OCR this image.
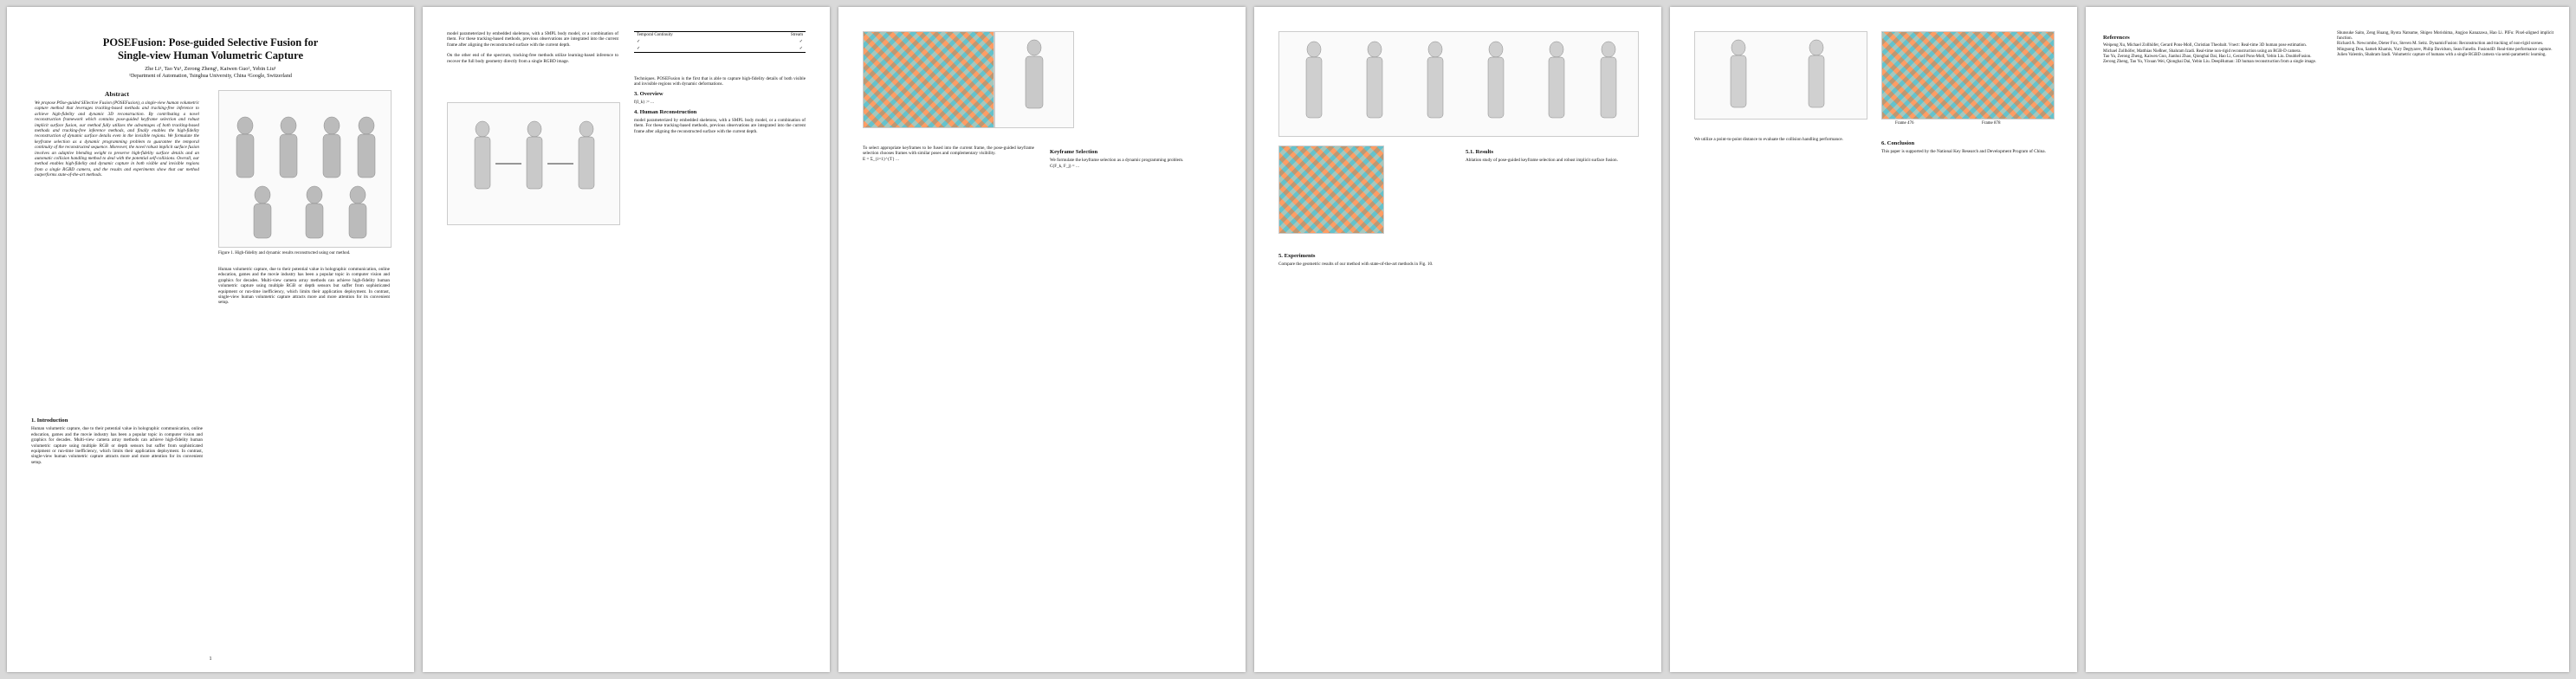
POSEFusion: Pose-guided Selective Fusion for
Single-view Human Volumetric Capture
Zhe Li¹, Tao Yu¹, Zerong Zheng¹, Kaiwen Guo², Yebin Liu¹
¹Department of Automation, Tsinghua University, China ²Google, Switzerland
Abstract
We propose POse-guided SElective Fusion (POSEFusion), a single-view human volumetric capture method that leverages tracking-based methods and tracking-free inference to achieve high-fidelity and dynamic 3D reconstruction. By contributing a novel reconstruction framework which contains pose-guided keyframe selection and robust implicit surface fusion, our method fully utilizes the advantages of both tracking-based methods and tracking-free inference methods, and finally enables the high-fidelity reconstruction of dynamic surface details even in the invisible regions. We formulate the keyframe selection as a dynamic programming problem to guarantee the temporal continuity of the reconstructed sequence. Moreover, the novel robust implicit surface fusion involves an adaptive blending weight to preserve high-fidelity surface details and an automatic collision handling method to deal with the potential self-collisions. Overall, our method enables high-fidelity and dynamic capture in both visible and invisible regions from a single RGBD camera, and the results and experiments show that our method outperforms state-of-the-art methods.
1. Introduction
Human volumetric capture, due to their potential value in holographic communication, online education, games and the movie industry has been a popular topic in computer vision and graphics for decades. Multi-view camera array methods can achieve high-fidelity human volumetric capture using multiple RGB or depth sensors but suffer from sophisticated equipment or run-time inefficiency, which limits their application deployment. In contrast, single-view human volumetric capture attracts more and more attention for its convenient setup.
Figure 1. High-fidelity and dynamic results reconstructed using our method.
Human volumetric capture, due to their potential value in holographic communication, online education, games and the movie industry has been a popular topic in computer vision and graphics for decades. Multi-view camera array methods can achieve high-fidelity human volumetric capture using multiple RGB or depth sensors but suffer from sophisticated equipment or run-time inefficiency, which limits their application deployment. In contrast, single-view human volumetric capture attracts more and more attention for its convenient setup.
1
model parameterized by embedded skeletons, with a SMPL body model, or a combination of them. For these tracking-based methods, previous observations are integrated into the current frame after aligning the reconstructed surface with the current depth.
On the other end of the spectrum, tracking-free methods utilize learning-based inference to recover the full body geometry directly from a single RGBD image.
Temporal Continuity	Stream
✓	✓
✓	✓
Techniques. POSEFusion is the first that is able to capture high-fidelity details of both visible and invisible regions with dynamic deformations.
3. Overview
f(I_k) := ...
4. Human Reconstruction
model parameterized by embedded skeletons, with a SMPL body model, or a combination of them. For these tracking-based methods, previous observations are integrated into the current frame after aligning the reconstructed surface with the current depth.
To select appropriate keyframes to be fused into the current frame, the pose-guided keyframe selection chooses frames with similar poses and complementary visibility.
E = Σ_{i=1}^{T} ...
Keyframe Selection
We formulate the keyframe selection as a dynamic programming problem.
C(F_k, F_j) = ...
5. Experiments
Compare the geometric results of our method with state-of-the-art methods in Fig. 10.
5.1. Results
Ablation study of pose-guided keyframe selection and robust implicit surface fusion.
Frame 476	Frame 878
We utilize a point-to-point distance to evaluate the collision handling performance.
6. Conclusion
This paper is supported by the National Key Research and Development Program of China.
References
Weipeng Xu, Michael Zollhöfer, Gerard Pons-Moll, Christian Theobalt. Vnect: Real-time 3D human pose estimation.
Michael Zollhöfer, Matthias Nießner, Shahram Izadi. Real-time non-rigid reconstruction using an RGB-D camera.
Tao Yu, Zerong Zheng, Kaiwen Guo, Jianhui Zhao, Qionghai Dai, Hao Li, Gerard Pons-Moll, Yebin Liu. DoubleFusion.
Zerong Zheng, Tao Yu, Yixuan Wei, Qionghai Dai, Yebin Liu. DeepHuman: 3D human reconstruction from a single image.
Shunsuke Saito, Zeng Huang, Ryota Natsume, Shigeo Morishima, Angjoo Kanazawa, Hao Li. PIFu: Pixel-aligned implicit function.
Richard A. Newcombe, Dieter Fox, Steven M. Seitz. DynamicFusion: Reconstruction and tracking of non-rigid scenes.
Mingsong Dou, Sameh Khamis, Yury Degtyarev, Philip Davidson, Sean Fanello. Fusion4D: Real-time performance capture.
Julien Valentin, Shahram Izadi. Volumetric capture of humans with a single RGBD camera via semi-parametric learning.
